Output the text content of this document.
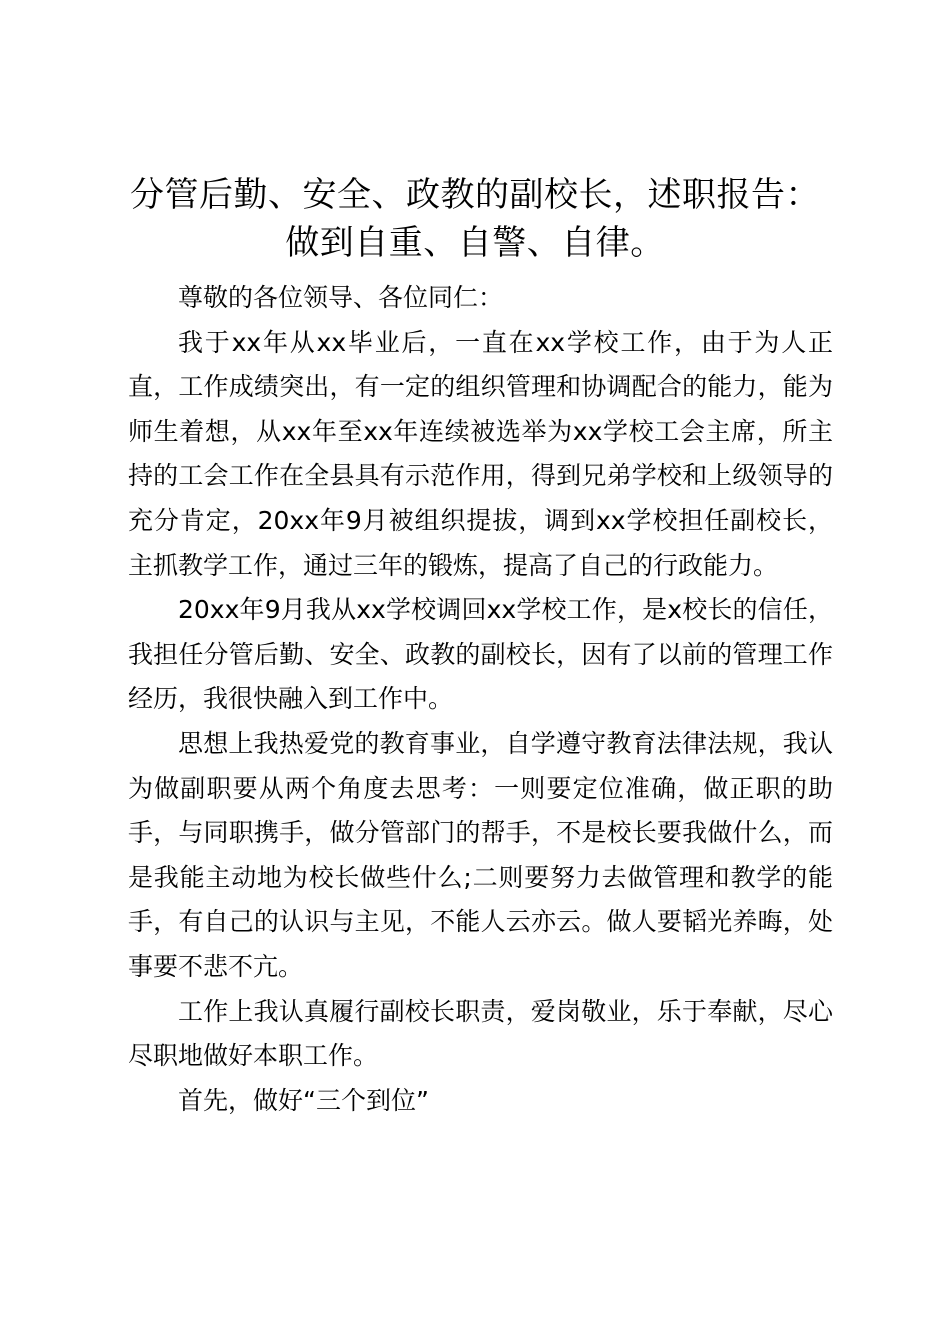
分管后勤、安全、政教的副校长，述职报告：
做到自重、自警、自律。

尊敬的各位领导、各位同仁：

我于xx年从xx毕业后，一直在xx学校工作，由于为人正直，工作成绩突出，有一定的组织管理和协调配合的能力，能为师生着想，从xx年至xx年连续被选举为xx学校工会主席，所主持的工会工作在全县具有示范作用，得到兄弟学校和上级领导的充分肯定，20xx年9月被组织提拔，调到xx学校担任副校长，主抓教学工作，通过三年的锻炼，提高了自己的行政能力。

20xx年9月我从xx学校调回xx学校工作，是x校长的信任，我担任分管后勤、安全、政教的副校长，因有了以前的管理工作经历，我很快融入到工作中。

思想上我热爱党的教育事业，自学遵守教育法律法规，我认为做副职要从两个角度去思考：一则要定位准确，做正职的助手，与同职携手，做分管部门的帮手，不是校长要我做什么，而是我能主动地为校长做些什么;二则要努力去做管理和教学的能手，有自己的认识与主见，不能人云亦云。做人要韬光养晦，处事要不悲不亢。

工作上我认真履行副校长职责，爱岗敬业，乐于奉献，尽心尽职地做好本职工作。

首先，做好“三个到位”
